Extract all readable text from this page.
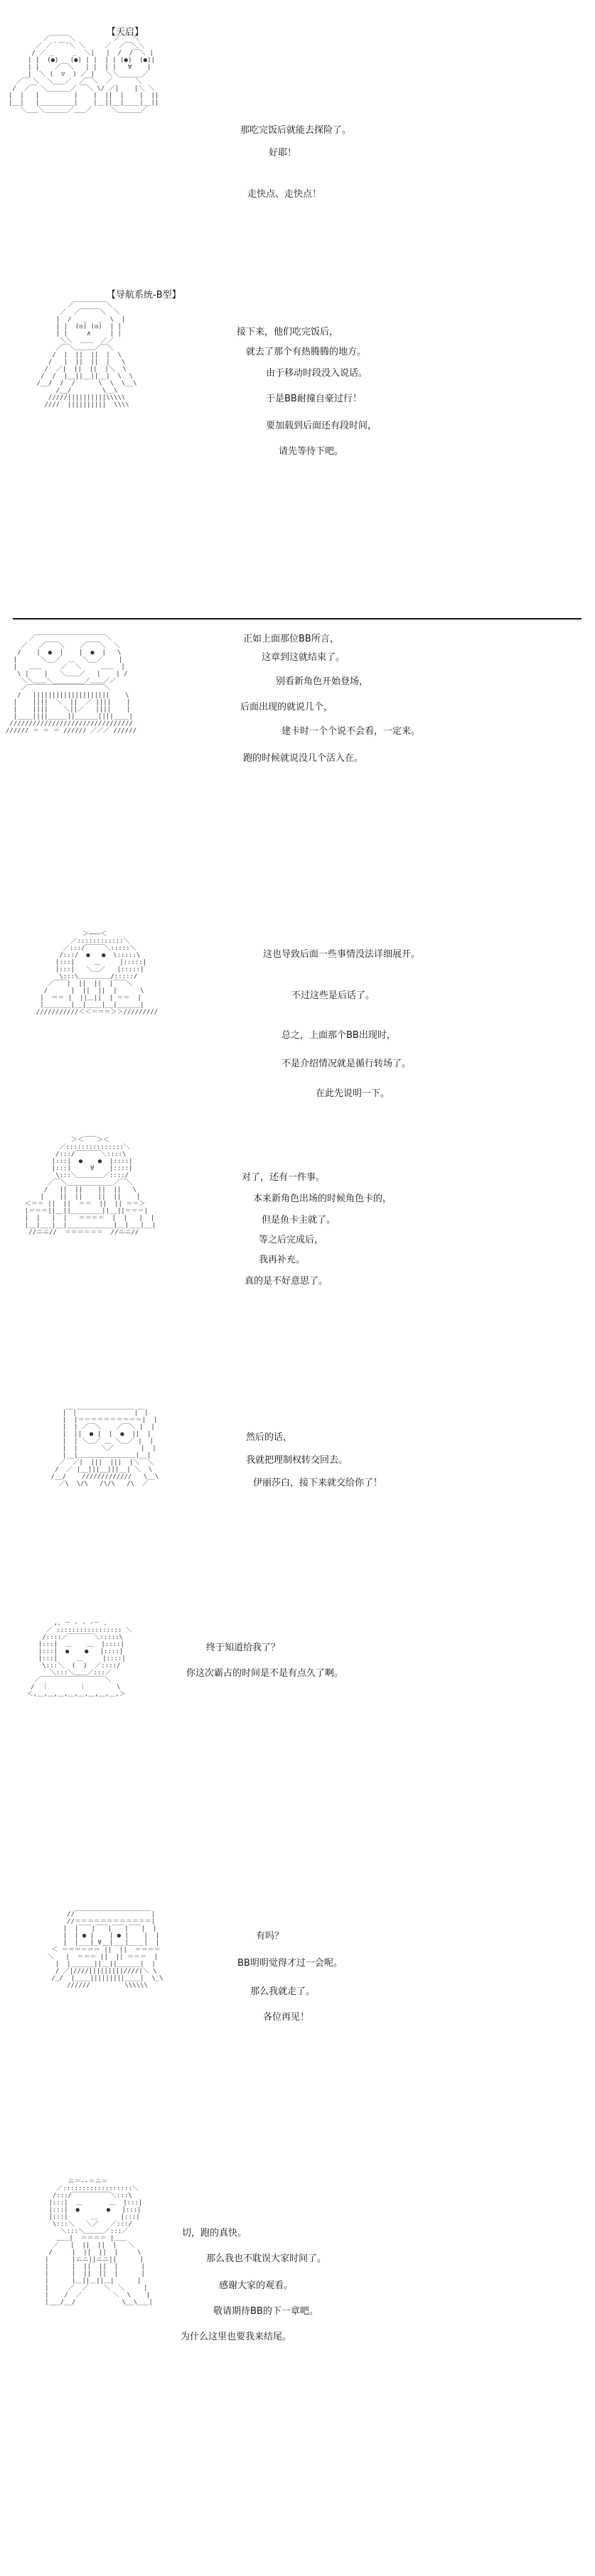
【天启】
／￣￣￣＼          ／￣￣＼
／ ／｀￣´＼ ＼     ／  ／￣＼＼
/ ／ _     _  ＼|   |  /  /￣＼ |
| |  (●)   (●) | |  | | (●)  (●)|
| |    ／￣＼   | |  | |   ∀    |
|  ＼ (  ▽  ) ／ |   ＼＼______／
／￣ ＼  ＼___／  ／￣＼  ／      ＼
/  ／￣ ＼______／ ￣＼ \/ ／|    |＼ ＼
|  |   |         |    |  ||  |    |  ||
|__|   |_________|    |__||__|____|__||
＼___＼______／___／     ＼______／

那吃完饭后就能去探险了。
好耶！
走快点、走快点！
【导航系统-B型】
／￣￣￣￣￣＼
／  ／￣￣￣＼  ＼
|  /   _   _  \  |
| |  (◎) (◎)  | |
| |     ∧     | |
＼＼  ＿＿  ／／
／￣＼＿＿＿／￣＼
/  |  ||  ||  |  \
/   |  ||  ||  |   \
/  ／|  ||  ||  |＼  \
/  /  |__||__||__|  \  \
/__/  /  /      \  \  \__\
/__/        \__\
/////||||||||||\\\\\
////  ||||||||||  \\\\

接下来，他们吃完饭后，
就去了那个有热腾腾的地方。
由于移动时段没入说话。
于是BB耐撞自豪过行！
要加载到后面还有段时间，
请先等待下吧。
／￣￣￣￣￣￣￣￣￣￣￣＼
／   ／￣￣＼    ／￣￣＼  ＼
/    |  ●  |    |  ●  |   \
|      ＼__／  ＿  ＼__／    |
|   ＿＿     ／  ＼     ＿＿  |
\ |    |   ＼＿＿／   |    | /
＼＼＿＿＼________／＿＿／／
／￣￣￣￣￣￣￣￣￣￣￣￣＼
/   ||||||||||||||||||||    \
|    ||||  ＼  ||  ／ ||||    |
|    ||||    ＼||／   ||||    |
|____||||_____||______||||____|
////////////////////////////////
////// ＝ ＝ ＝ ////// ／／／ //////

正如上面那位BB所言，
这章到这就结束了。
别看新角色开始登场，
后面出现的就说几个，
建卡时一个个说不会看，一定来。
跑的时候就说没几个活入在。
＞―――＜
／::::::::::::＼
／:::/￣￣￣＼:::::＼
/:::/  ●   ●  \:::::\
|:::|     ＿     |:::::|
|:::|   ＼＿／   |:::::|
\:::\＿＿＿＿＿/:::::/
／￣￣|  ||  ||  |￣￣＼
/      |  ||  ||  |      \
|  ＝＝ |  ||＿||  | ＝＝  |
|_______|__|____|__|______|
///////////＜＜＝＝＝＞＞/////////

这也导致后面一些事情没法详细展开。
不过这些是后话了。
总之，上面那个BB出现时，
不是介绍情况就是循行转场了。
在此先说明一下。
＞＜￣￣＞＜
／:::::::::::::::＼
/:::/￣￣￣￣＼::::\
|:::|  ●    ●  |::::|
|:::|     ∀    |::::|
\:::＼＿＿＿＿／::::/
／￣＼____________／￣＼
/   ||  ||    ||  ||   \
|    ||  ||    ||  ||    |
＜＝＝ ||  ||  ＝＝  ||  || ＝＝＞
|＝＝＝||__||________||__||＝＝＝|
|  |   |  |   ＝＝＝＝  |  |   |  |
|__|___|__|____________|__|___|__|
//ニニ//  ＝＝＝＝＝＝  //ニニ//

对了，还有一件事。
本来新角色出场的时候角色卡的，
但是鱼卡主就了。
等之后完成后，
我再补充。
真的是不好意思了。
|￣|￣￣￣￣￣￣￣￣￣|￣|
|  |＝＝＝＝＝＝＝＝＝＝|  |
|  | ／￣＼    ／￣＼ |  |
|  ||  ● |  |  ●  ||  |
|  | ＼＿／ ＿ ＼＿／ |  |
|  |      ＼／       |  |
|__|＿＿＿＿＿＿＿＿＿|__|
／  ／|  |||  |||  |＼  ＼
/  ／ |__|||__|||__| ＼  \
/__/    /////////////   \__\
／\  \/\   /\/\   /\  ／

然后的话，
我就把理制权转交回去。
伊丽莎白，接下来就交给你了！
,、－ ‐ ‐ ‐－ 、
／ ::::::::::::::::: ＼
/::::／￣￣￣￣＼:::::\
|:::|  ＿    ＿  |::::|
|:::|  ●    ●   |::::|
|:::|     ＿     |::::|
\:::＼  (  )  ／::::/
＼:::＼＿＿／:::／
／￣￣￣￣￣￣￣￣￣￣＼
/  ｜        ｜        \
＜,＿,＿,＿,＿,＿,＿,＿,＿,＞

终于知道给我了？
你这次霸占的时间是不是有点久了啊。
//￣￣￣￣￣￣￣￣￣￣￣￣|
//＝＝＝＝＝＝＝＝＝＝＝＝|
|  |￣￣|￣￣|￣￣|￣￣|  |
|  | ● |    | ● |    |  |
|  |___|_∀__|___|____|  |
＜ ＝＝＝＝＝＝ ||  ||  ＝＝＝＝
＼   |  ＝＝＝ ||  || ＝＝＝  |
|  |______||__||______|  |
/ ／|////|||||||||////|＼ \
/_/  |____|||||||||____|  \_\
//////         \\\\\\

有吗？
BB明明觉得才过一会呢。
那么我就走了。
各位再见！
ニ＝‐‐＝ニ＝
／::::::::::::::::::＼
/:::/￣￣￣￣￣￣＼:::\
|:::|  ＿       ＿  |:::|
|:::|  ●       ●   |:::|
|:::|      ＿      |:::|
\:::＼   ＼／   ／:::/
＼:::＼＿＿＿／:::／
＿＿|  ＝＝＝＝ |＿＿
／   |  ||  ||  |   ＼
/     |  ||  ||  |     \
|      |ニニ||ニニ||      |
|      |  ||  ||  |      |
|      |  ||  ||  |      |
|      |＿||＿||＿|      |
|     ／  ／    ＼  ＼     |
|    /  ／        ＼  \    |
|___/__/            \__\___|

切，跑的真快。
那么我也不耽误大家时间了。
感谢大家的观看。
敬请期待BB的下一章吧。
为什么这里也要我来结尾。
